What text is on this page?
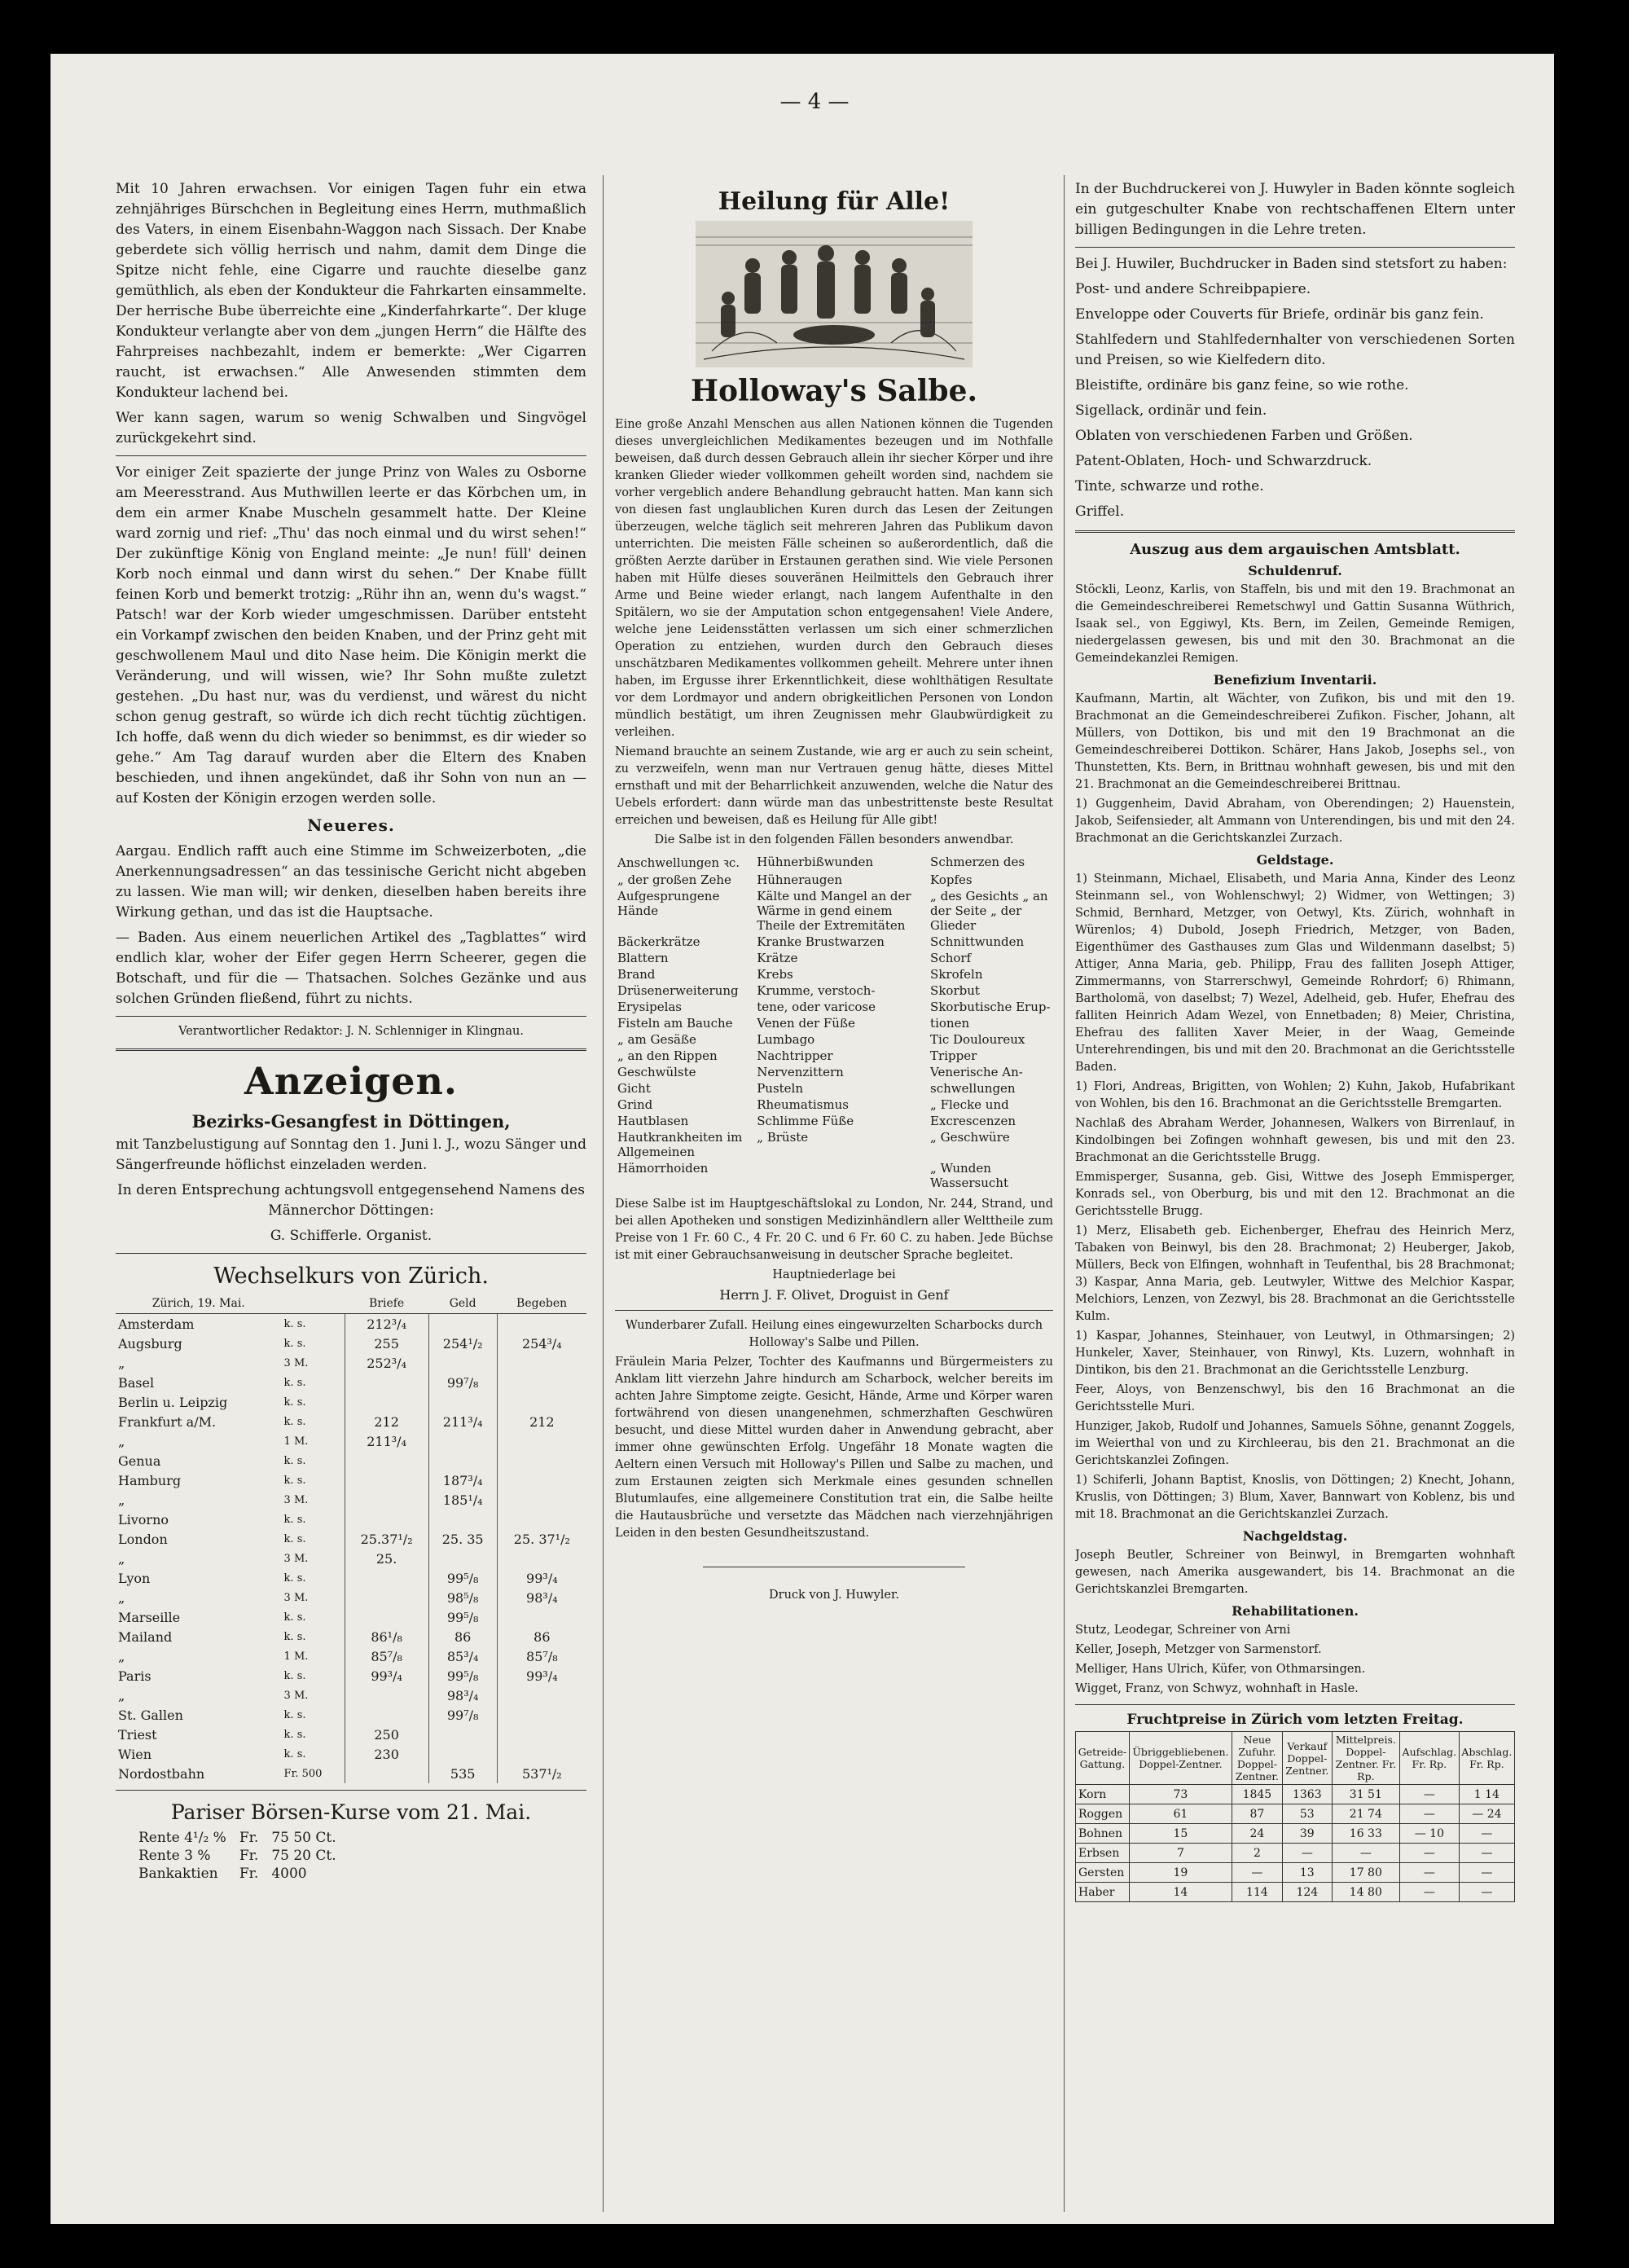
— 4 —

Mit 10 Jahren erwachsen. Vor einigen Tagen fuhr ein etwa zehnjähriges Bürschchen in Begleitung eines Herrn, muthmaßlich des Vaters, in einem Eisenbahn-Waggon nach Sissach. Der Knabe geberdete sich völlig herrisch und nahm, damit dem Dinge die Spitze nicht fehle, eine Cigarre und rauchte dieselbe ganz gemüthlich, als eben der Kondukteur die Fahrkarten einsammelte. Der herrische Bube überreichte eine „Kinderfahrkarte“. Der kluge Kondukteur verlangte aber von dem „jungen Herrn“ die Hälfte des Fahrpreises nachbezahlt, indem er bemerkte: „Wer Cigarren raucht, ist erwachsen.“ Alle Anwesenden stimmten dem Kondukteur lachend bei.

Wer kann sagen, warum so wenig Schwalben und Singvögel zurückgekehrt sind.

Vor einiger Zeit spazierte der junge Prinz von Wales zu Osborne am Meeresstrand. Aus Muthwillen leerte er das Körbchen um, in dem ein armer Knabe Muscheln gesammelt hatte. Der Kleine ward zornig und rief: „Thu' das noch einmal und du wirst sehen!“ Der zukünftige König von England meinte: „Je nun! füll' deinen Korb noch einmal und dann wirst du sehen.“ Der Knabe füllt feinen Korb und bemerkt trotzig: „Rühr ihn an, wenn du's wagst.“ Patsch! war der Korb wieder umgeschmissen. Darüber entsteht ein Vorkampf zwischen den beiden Knaben, und der Prinz geht mit geschwollenem Maul und dito Nase heim. Die Königin merkt die Veränderung, und will wissen, wie? Ihr Sohn mußte zuletzt gestehen. „Du hast nur, was du verdienst, und wärest du nicht schon genug gestraft, so würde ich dich recht tüchtig züchtigen. Ich hoffe, daß wenn du dich wieder so benimmst, es dir wieder so gehe.“ Am Tag darauf wurden aber die Eltern des Knaben beschieden, und ihnen angekündet, daß ihr Sohn von nun an — auf Kosten der Königin erzogen werden solle.

Neueres.

Aargau. Endlich rafft auch eine Stimme im Schweizerboten, „die Anerkennungsadressen“ an das tessinische Gericht nicht abgeben zu lassen. Wie man will; wir denken, dieselben haben bereits ihre Wirkung gethan, und das ist die Hauptsache.

— Baden. Aus einem neuerlichen Artikel des „Tagblattes“ wird endlich klar, woher der Eifer gegen Herrn Scheerer, gegen die Botschaft, und für die — Thatsachen. Solches Gezänke und aus solchen Gründen fließend, führt zu nichts.

Verantwortlicher Redaktor: J. N. Schlenniger in Klingnau.

Anzeigen.
Bezirks-Gesangfest in Döttingen,

mit Tanzbelustigung auf Sonntag den 1. Juni l. J., wozu Sänger und Sängerfreunde höflichst einzeladen werden.

In deren Entsprechung achtungsvoll entgegensehend Namens des Männerchor Döttingen:

G. Schifferle. Organist.

Wechselkurs von Zürich.
Zürich, 19. Mai.		Briefe	Geld	Begeben
Amsterdam	k. s.	212³/₄		
Augsburg	k. s.	255	254¹/₂	254³/₄
„	3 M.	252³/₄		
Basel	k. s.		99⁷/₈	
Berlin u. Leipzig	k. s.			
Frankfurt a/M.	k. s.	212	211³/₄	212
„	1 M.	211³/₄		
Genua	k. s.			
Hamburg	k. s.		187³/₄	
„	3 M.		185¹/₄	
Livorno	k. s.			
London	k. s.	25.37¹/₂	25. 35	25. 37¹/₂
„	3 M.	25.		
Lyon	k. s.		99⁵/₈	99³/₄
„	3 M.		98⁵/₈	98³/₄
Marseille	k. s.		99⁵/₈	
Mailand	k. s.	86¹/₈	86	86
„	1 M.	85⁷/₈	85³/₄	85⁷/₈
Paris	k. s.	99³/₄	99⁵/₈	99³/₄
„	3 M.		98³/₄	
St. Gallen	k. s.		99⁷/₈	
Triest	k. s.	250		
Wien	k. s.	230		
Nordostbahn	Fr. 500		535	537¹/₂
Pariser Börsen-Kurse vom 21. Mai.
Rente 4¹/₂ %	Fr.	75 50 Ct.
Rente 3 %	Fr.	75 20 Ct.
Bankaktien	Fr.	4000
Heilung für Alle!
Holloway's Salbe.

Eine große Anzahl Menschen aus allen Nationen können die Tugenden dieses unvergleichlichen Medikamentes bezeugen und im Nothfalle beweisen, daß durch dessen Gebrauch allein ihr siecher Körper und ihre kranken Glieder wieder vollkommen geheilt worden sind, nachdem sie vorher vergeblich andere Behandlung gebraucht hatten. Man kann sich von diesen fast unglaublichen Kuren durch das Lesen der Zeitungen überzeugen, welche täglich seit mehreren Jahren das Publikum davon unterrichten. Die meisten Fälle scheinen so außerordentlich, daß die größten Aerzte darüber in Erstaunen gerathen sind. Wie viele Personen haben mit Hülfe dieses souveränen Heilmittels den Gebrauch ihrer Arme und Beine wieder erlangt, nach langem Aufenthalte in den Spitälern, wo sie der Amputation schon entgegensahen! Viele Andere, welche jene Leidensstätten verlassen um sich einer schmerzlichen Operation zu entziehen, wurden durch den Gebrauch dieses unschätzbaren Medikamentes vollkommen geheilt. Mehrere unter ihnen haben, im Ergusse ihrer Erkenntlichkeit, diese wohlthätigen Resultate vor dem Lordmayor und andern obrigkeitlichen Personen von London mündlich bestätigt, um ihren Zeugnissen mehr Glaubwürdigkeit zu verleihen.

Niemand brauchte an seinem Zustande, wie arg er auch zu sein scheint, zu verzweifeln, wenn man nur Vertrauen genug hätte, dieses Mittel ernsthaft und mit der Beharrlichkeit anzuwenden, welche die Natur des Uebels erfordert: dann würde man das unbestrittenste beste Resultat erreichen und beweisen, daß es Heilung für Alle gibt!

Die Salbe ist in den folgenden Fällen besonders anwendbar.

Anschwellungen ꝛc.	Hühnerbißwunden	Schmerzen des
„ der großen Zehe	Hühneraugen	Kopfes
Aufgesprungene Hände	Kälte und Mangel an der Wärme in gend einem Theile der Extremitäten	„ des Gesichts „ an der Seite „ der Glieder
Bäckerkrätze	Kranke Brustwarzen	Schnittwunden
Blattern	Krätze	Schorf
Brand	Krebs	Skrofeln
Drüsenerweiterung	Krumme, verstoch-	Skorbut
Erysipelas	tene, oder varicose	Skorbutische Erup-
Fisteln am Bauche	Venen der Füße	tionen
„ am Gesäße	Lumbago	Tic Douloureux
„ an den Rippen	Nachtripper	Tripper
Geschwülste	Nervenzittern	Venerische An-
Gicht	Pusteln	schwellungen
Grind	Rheumatismus	„ Flecke und
Hautblasen	Schlimme Füße	Excrescenzen
Hautkrankheiten im Allgemeinen	„ Brüste	„ Geschwüre
Hämorrhoiden		„ Wunden Wassersucht

Diese Salbe ist im Hauptgeschäftslokal zu London, Nr. 244, Strand, und bei allen Apotheken und sonstigen Medizinhändlern aller Welttheile zum Preise von 1 Fr. 60 C., 4 Fr. 20 C. und 6 Fr. 60 C. zu haben. Jede Büchse ist mit einer Gebrauchsanweisung in deutscher Sprache begleitet.

Hauptniederlage bei

Herrn J. F. Olivet, Droguist in Genf

Wunderbarer Zufall. Heilung eines eingewurzelten Scharbocks durch Holloway's Salbe und Pillen.

Fräulein Maria Pelzer, Tochter des Kaufmanns und Bürgermeisters zu Anklam litt vierzehn Jahre hindurch am Scharbock, welcher bereits im achten Jahre Simptome zeigte. Gesicht, Hände, Arme und Körper waren fortwährend von diesen unangenehmen, schmerzhaften Geschwüren besucht, und diese Mittel wurden daher in Anwendung gebracht, aber immer ohne gewünschten Erfolg. Ungefähr 18 Monate wagten die Aeltern einen Versuch mit Holloway's Pillen und Salbe zu machen, und zum Erstaunen zeigten sich Merkmale eines gesunden schnellen Blutumlaufes, eine allgemeinere Constitution trat ein, die Salbe heilte die Hautausbrüche und versetzte das Mädchen nach vierzehnjährigen Leiden in den besten Gesundheitszustand.

Druck von J. Huwyler.

In der Buchdruckerei von J. Huwyler in Baden könnte sogleich ein gutgeschulter Knabe von rechtschaffenen Eltern unter billigen Bedingungen in die Lehre treten.

Bei J. Huwiler, Buchdrucker in Baden sind stetsfort zu haben:

Post- und andere Schreibpapiere.

Enveloppe oder Couverts für Briefe, ordinär bis ganz fein.

Stahlfedern und Stahlfedernhalter von verschiedenen Sorten und Preisen, so wie Kielfedern dito.

Bleistifte, ordinäre bis ganz feine, so wie rothe.

Sigellack, ordinär und fein.

Oblaten von verschiedenen Farben und Größen.

Patent-Oblaten, Hoch- und Schwarzdruck.

Tinte, schwarze und rothe.

Griffel.

Auszug aus dem argauischen Amtsblatt.
Schuldenruf.

Stöckli, Leonz, Karlis, von Staffeln, bis und mit den 19. Brachmonat an die Gemeindeschreiberei Remetschwyl und Gattin Susanna Wüthrich, Isaak sel., von Eggiwyl, Kts. Bern, im Zeilen, Gemeinde Remigen, niedergelassen gewesen, bis und mit den 30. Brachmonat an die Gemeindekanzlei Remigen.

Benefizium Inventarii.

Kaufmann, Martin, alt Wächter, von Zufikon, bis und mit den 19. Brachmonat an die Gemeindeschreiberei Zufikon. Fischer, Johann, alt Müllers, von Dottikon, bis und mit den 19 Brachmonat an die Gemeindeschreiberei Dottikon. Schärer, Hans Jakob, Josephs sel., von Thunstetten, Kts. Bern, in Brittnau wohnhaft gewesen, bis und mit den 21. Brachmonat an die Gemeindeschreiberei Brittnau.

1) Guggenheim, David Abraham, von Oberendingen; 2) Hauenstein, Jakob, Seifensieder, alt Ammann von Unterendingen, bis und mit den 24. Brachmonat an die Gerichtskanzlei Zurzach.

Geldstage.

1) Steinmann, Michael, Elisabeth, und Maria Anna, Kinder des Leonz Steinmann sel., von Wohlenschwyl; 2) Widmer, von Wettingen; 3) Schmid, Bernhard, Metzger, von Oetwyl, Kts. Zürich, wohnhaft in Würenlos; 4) Dubold, Joseph Friedrich, Metzger, von Baden, Eigenthümer des Gasthauses zum Glas und Wildenmann daselbst; 5) Attiger, Anna Maria, geb. Philipp, Frau des falliten Joseph Attiger, Zimmermanns, von Starrerschwyl, Gemeinde Rohrdorf; 6) Rhimann, Bartholomä, von daselbst; 7) Wezel, Adelheid, geb. Hufer, Ehefrau des falliten Heinrich Adam Wezel, von Ennetbaden; 8) Meier, Christina, Ehefrau des falliten Xaver Meier, in der Waag, Gemeinde Unterehrendingen, bis und mit den 20. Brachmonat an die Gerichtsstelle Baden.

1) Flori, Andreas, Brigitten, von Wohlen; 2) Kuhn, Jakob, Hufabrikant von Wohlen, bis den 16. Brachmonat an die Gerichtsstelle Bremgarten.

Nachlaß des Abraham Werder, Johannesen, Walkers von Birrenlauf, in Kindolbingen bei Zofingen wohnhaft gewesen, bis und mit den 23. Brachmonat an die Gerichtsstelle Brugg.

Emmisperger, Susanna, geb. Gisi, Wittwe des Joseph Emmisperger, Konrads sel., von Oberburg, bis und mit den 12. Brachmonat an die Gerichtsstelle Brugg.

1) Merz, Elisabeth geb. Eichenberger, Ehefrau des Heinrich Merz, Tabaken von Beinwyl, bis den 28. Brachmonat; 2) Heuberger, Jakob, Müllers, Beck von Elfingen, wohnhaft in Teufenthal, bis 28 Brachmonat; 3) Kaspar, Anna Maria, geb. Leutwyler, Wittwe des Melchior Kaspar, Melchiors, Lenzen, von Zezwyl, bis 28. Brachmonat an die Gerichtsstelle Kulm.

1) Kaspar, Johannes, Steinhauer, von Leutwyl, in Othmarsingen; 2) Hunkeler, Xaver, Steinhauer, von Rinwyl, Kts. Luzern, wohnhaft in Dintikon, bis den 21. Brachmonat an die Gerichtsstelle Lenzburg.

Feer, Aloys, von Benzenschwyl, bis den 16 Brachmonat an die Gerichtsstelle Muri.

Hunziger, Jakob, Rudolf und Johannes, Samuels Söhne, genannt Zoggels, im Weierthal von und zu Kirchleerau, bis den 21. Brachmonat an die Gerichtskanzlei Zofingen.

1) Schiferli, Johann Baptist, Knoslis, von Döttingen; 2) Knecht, Johann, Kruslis, von Döttingen; 3) Blum, Xaver, Bannwart von Koblenz, bis und mit 18. Brachmonat an die Gerichtskanzlei Zurzach.

Nachgeldstag.

Joseph Beutler, Schreiner von Beinwyl, in Bremgarten wohnhaft gewesen, nach Amerika ausgewandert, bis 14. Brachmonat an die Gerichtskanzlei Bremgarten.

Rehabilitationen.

Stutz, Leodegar, Schreiner von Arni

Keller, Joseph, Metzger von Sarmenstorf.

Melliger, Hans Ulrich, Küfer, von Othmarsingen.

Wigget, Franz, von Schwyz, wohnhaft in Hasle.

Fruchtpreise in Zürich vom letzten Freitag.
Getreide-Gattung.	Übriggebliebenen. Doppel-Zentner.	Neue Zufuhr. Doppel-Zentner.	Verkauf Doppel-Zentner.	Mittelpreis. Doppel-Zentner. Fr. Rp.	Aufschlag. Fr. Rp.	Abschlag. Fr. Rp.
Korn	73	1845	1363	31 51	—	1 14
Roggen	61	87	53	21 74	—	— 24
Bohnen	15	24	39	16 33	— 10	—
Erbsen	7	2	—	—	—	—
Gersten	19	—	13	17 80	—	—
Haber	14	114	124	14 80	—	—
